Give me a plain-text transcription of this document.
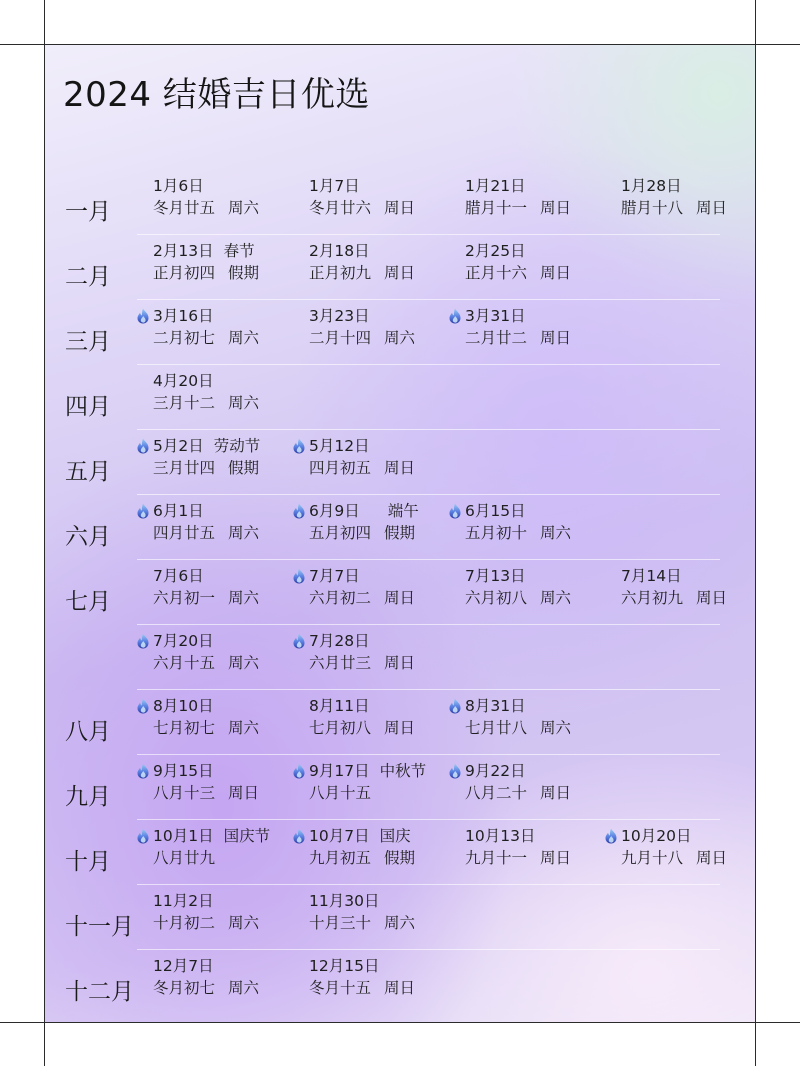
2024 结婚吉日优选
一月
1月6日
冬月廿五 周六
1月7日
冬月廿六 周日
1月21日
腊月十一 周日
1月28日
腊月十八 周日
二月
2月13日 春节
正月初四 假期
2月18日
正月初九 周日
2月25日
正月十六 周日
三月
3月16日
二月初七 周六
3月23日
二月十四 周六
3月31日
二月廿二 周日
四月
4月20日
三月十二 周六
五月
5月2日 劳动节
三月廿四 假期
5月12日
四月初五 周日
六月
6月1日
四月廿五 周六
6月9日 端午
五月初四 假期
6月15日
五月初十 周六
七月
7月6日
六月初一 周六
7月7日
六月初二 周日
7月13日
六月初八 周六
7月14日
六月初九 周日
7月20日
六月十五 周六
7月28日
六月廿三 周日
八月
8月10日
七月初七 周六
8月11日
七月初八 周日
8月31日
七月廿八 周六
九月
9月15日
八月十三 周日
9月17日 中秋节
八月十五
9月22日
八月二十 周日
十月
10月1日 国庆节
八月廿九
10月7日 国庆
九月初五 假期
10月13日
九月十一 周日
10月20日
九月十八 周日
十一月
11月2日
十月初二 周六
11月30日
十月三十 周六
十二月
12月7日
冬月初七 周六
12月15日
冬月十五 周日
